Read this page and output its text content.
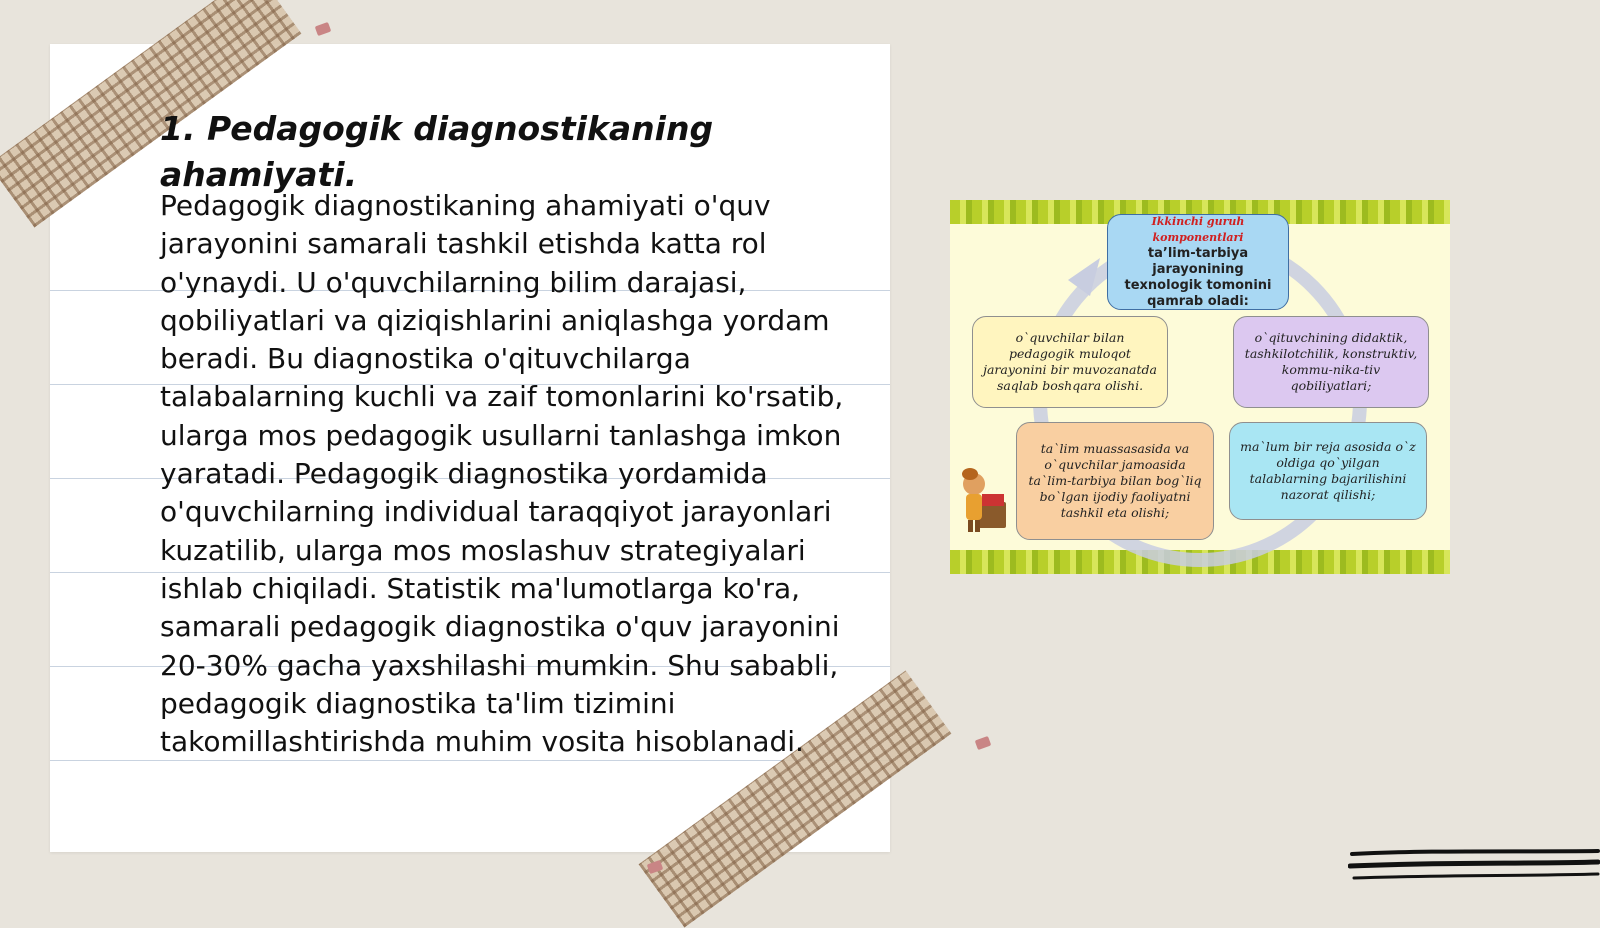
1. Pedagogik diagnostikaning ahamiyati.

Pedagogik diagnostikaning ahamiyati o'quv jarayonini samarali tashkil etishda katta rol o'ynaydi. U o'quvchilarning bilim darajasi, qobiliyatlari va qiziqishlarini aniqlashga yordam beradi. Bu diagnostika o'qituvchilarga talabalarning kuchli va zaif tomonlarini ko'rsatib, ularga mos pedagogik usullarni tanlashga imkon yaratadi. Pedagogik diagnostika yordamida o'quvchilarning individual taraqqiyot jarayonlari kuzatilib, ularga mos moslashuv strategiyalari ishlab chiqiladi. Statistik ma'lumotlarga ko'ra, samarali pedagogik diagnostika o'quv jarayonini 20-30% gacha yaxshilashi mumkin. Shu sababli, pedagogik diagnostika ta'lim tizimini takomillashtirishda muhim vosita hisoblanadi.

Ikkinchi guruh komponentlari
ta’lim-tarbiya jarayonining texnologik tomonini qamrab oladi:
o`quvchilar bilan pedagogik muloqot jarayonini bir muvozanatda saqlab boshqara olishi.
o`qituvchining didaktik, tashkilotchilik, konstruktiv, kommu-nika-tiv qobiliyatlari;
ta`lim muassasasida va o`quvchilar jamoasida ta`lim-tarbiya bilan bog`liq bo`lgan ijodiy faoliyatni tashkil eta olishi;
ma`lum bir reja asosida o`z oldiga qo`yilgan talablarning bajarilishini nazorat qilishi;
